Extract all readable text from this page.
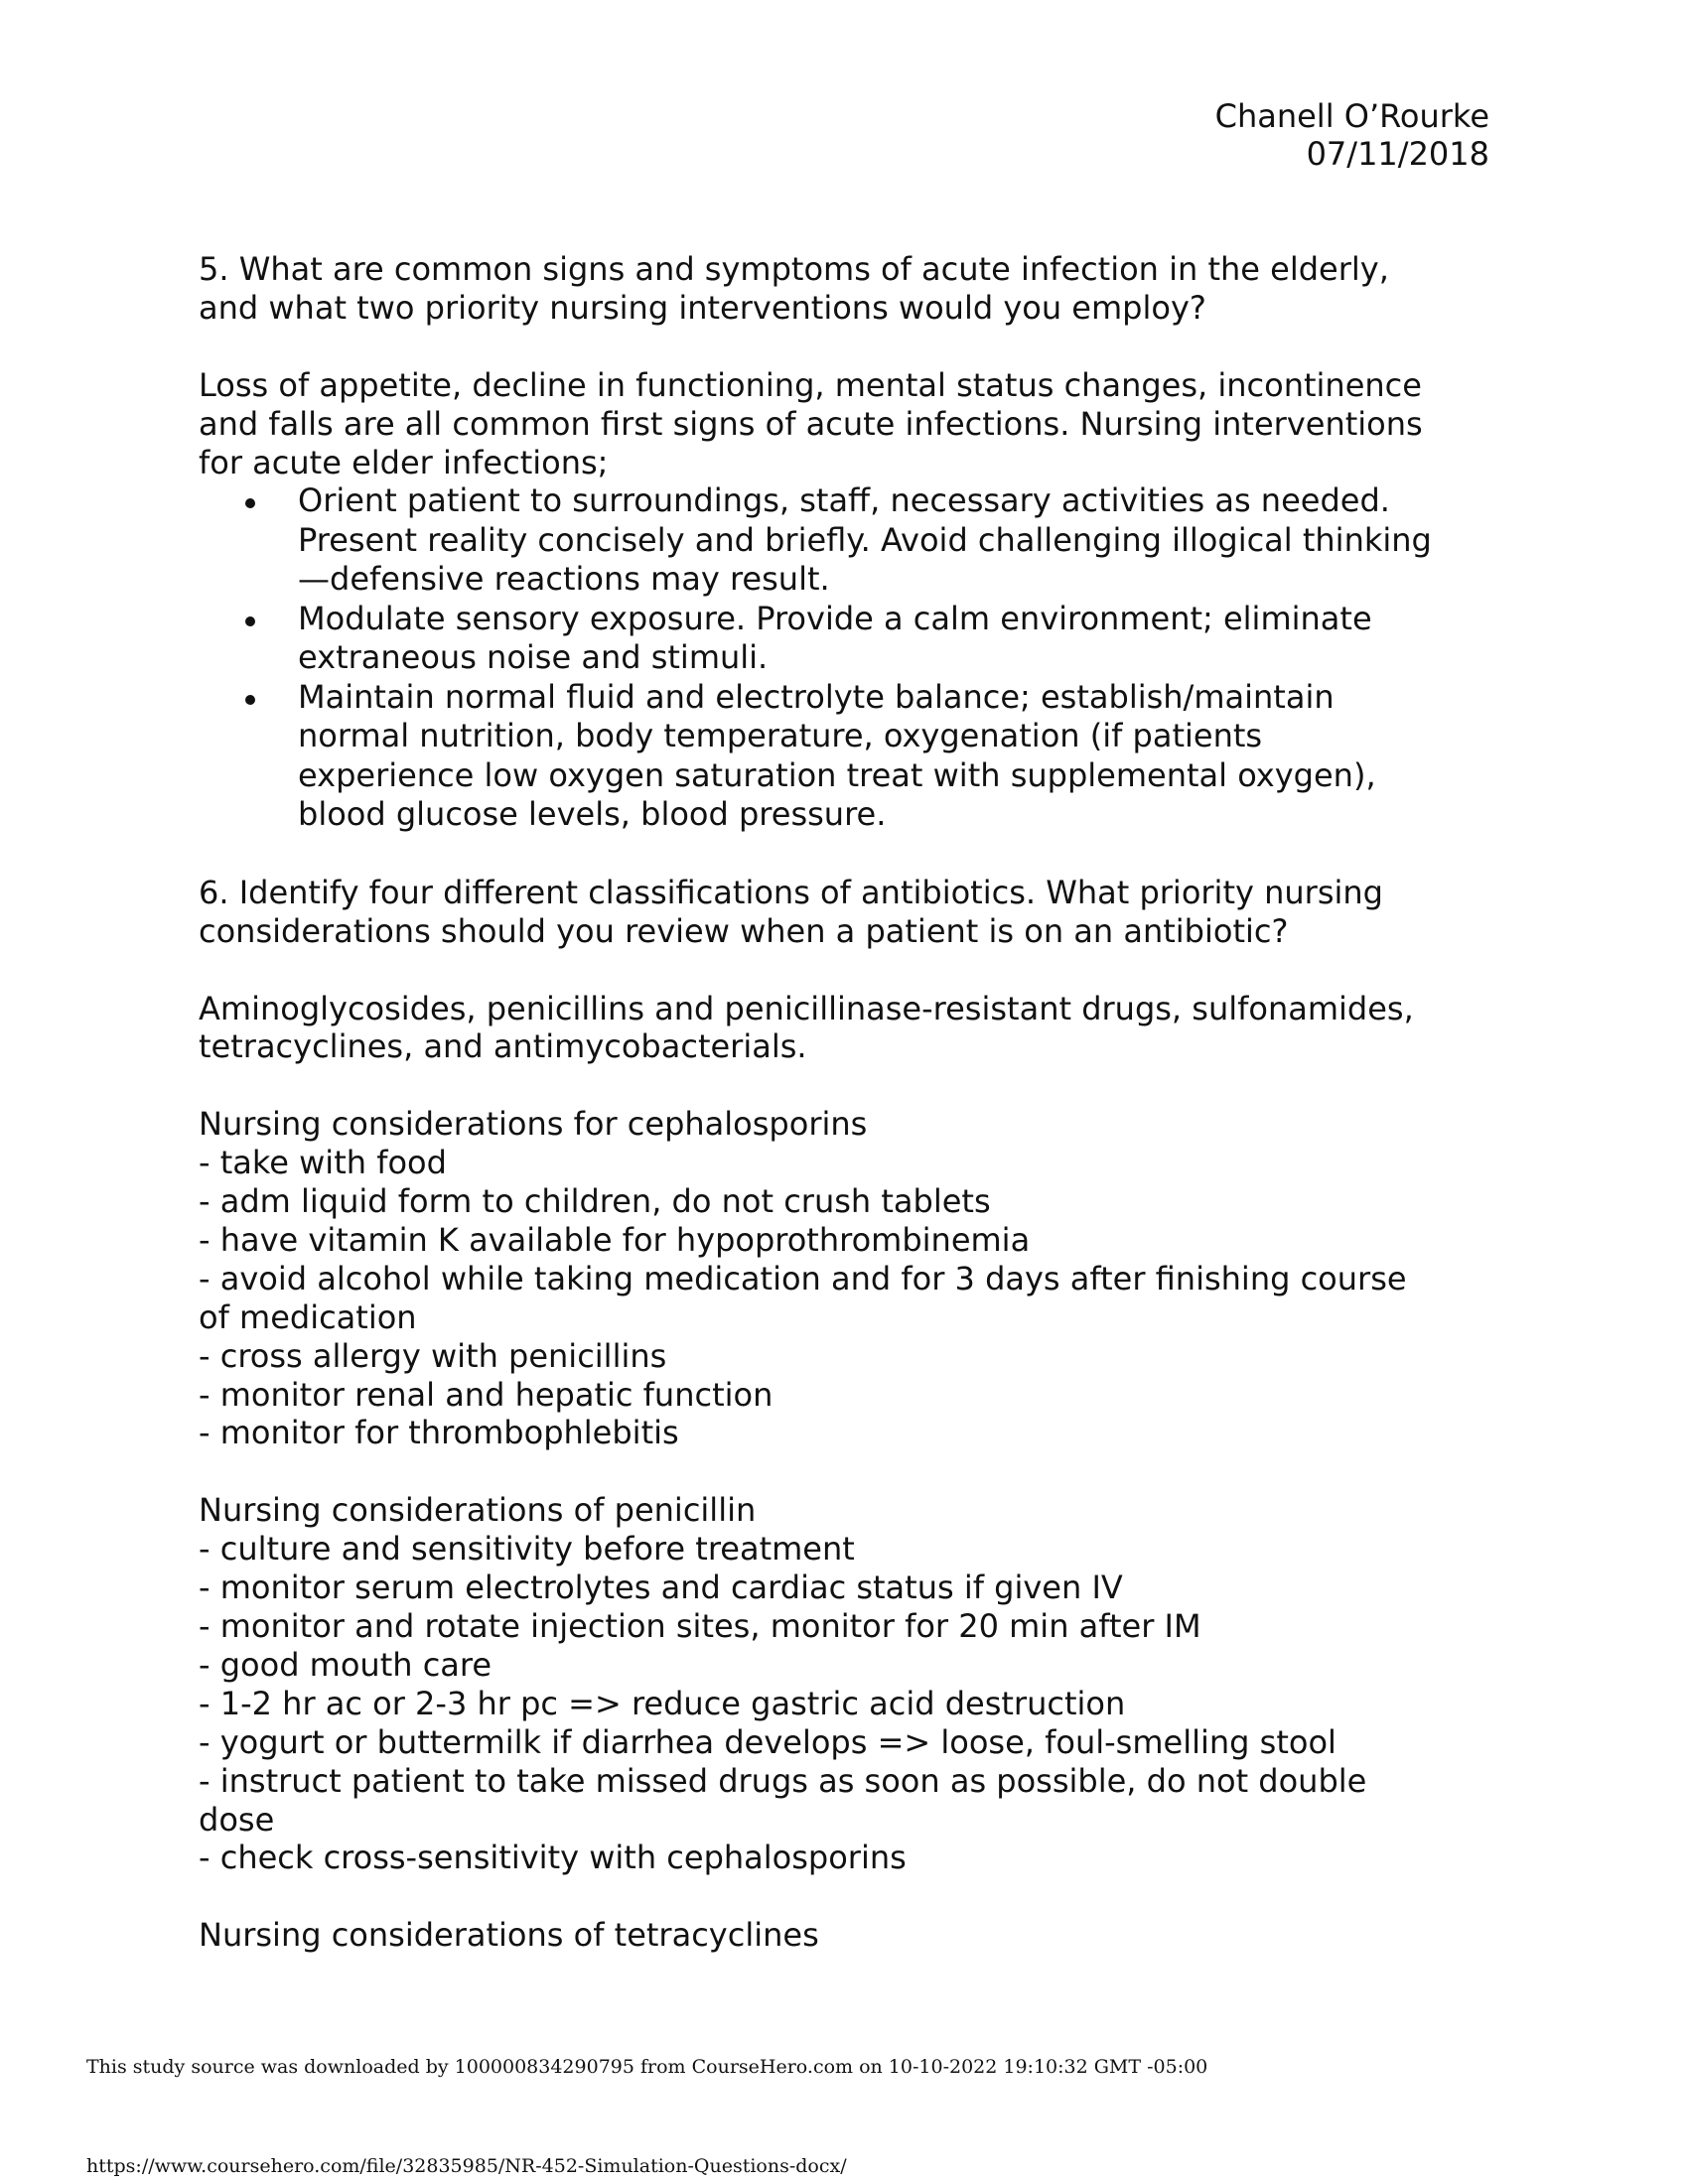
Chanell O’Rourke
07/11/2018

5. What are common signs and symptoms of acute infection in the elderly,

and what two priority nursing interventions would you employ?

Loss of appetite, decline in functioning, mental status changes, incontinence

and falls are all common first signs of acute infections. Nursing interventions

for acute elder infections;

Orient patient to surroundings, staff, necessary activities as needed.
Present reality concisely and briefly. Avoid challenging illogical thinking
—defensive reactions may result.
Modulate sensory exposure. Provide a calm environment; eliminate
extraneous noise and stimuli.
Maintain normal fluid and electrolyte balance; establish/maintain
normal nutrition, body temperature, oxygenation (if patients
experience low oxygen saturation treat with supplemental oxygen),
blood glucose levels, blood pressure.

6. Identify four different classifications of antibiotics. What priority nursing

considerations should you review when a patient is on an antibiotic?

Aminoglycosides, penicillins and penicillinase-resistant drugs, sulfonamides,

tetracyclines, and antimycobacterials.

Nursing considerations for cephalosporins

- take with food

- adm liquid form to children, do not crush tablets

- have vitamin K available for hypoprothrombinemia

- avoid alcohol while taking medication and for 3 days after finishing course

of medication

- cross allergy with penicillins

- monitor renal and hepatic function

- monitor for thrombophlebitis

Nursing considerations of penicillin

- culture and sensitivity before treatment

- monitor serum electrolytes and cardiac status if given IV

- monitor and rotate injection sites, monitor for 20 min after IM

- good mouth care

- 1-2 hr ac or 2-3 hr pc => reduce gastric acid destruction

- yogurt or buttermilk if diarrhea develops => loose, foul-smelling stool

- instruct patient to take missed drugs as soon as possible, do not double

dose

- check cross-sensitivity with cephalosporins

Nursing considerations of tetracyclines

This study source was downloaded by 100000834290795 from CourseHero.com on 10-10-2022 19:10:32 GMT -05:00
https://www.coursehero.com/file/32835985/NR-452-Simulation-Questions-docx/
